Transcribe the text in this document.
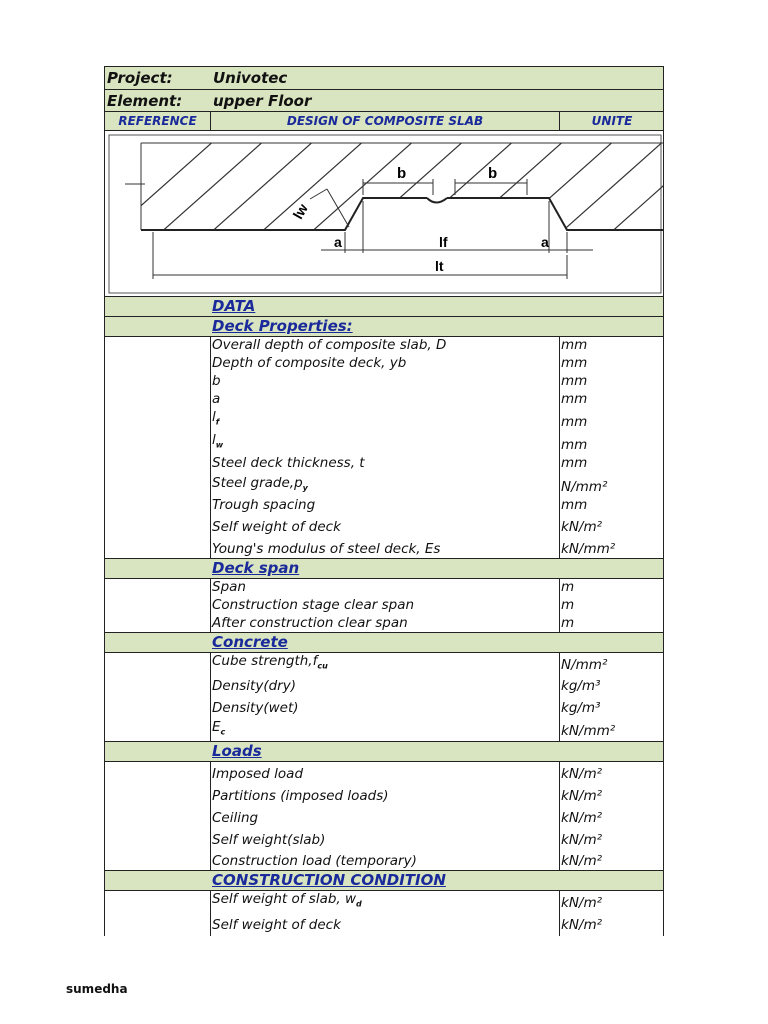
Project:	Univotec
Element: upper Floor
REFERENCE	DESIGN OF COMPOSITE SLAB	UNITE
b	b
lw
a	lf	a
lt
DATA
Deck Properties:
Overall depth of composite slab, D	mm
Depth of composite deck, yb	mm
b	mm
a	mm
$l_f$	mm
$l_w$	mm
Steel deck thickness, t	mm
Steel $grade,p_y$	N/mm²
Trough spacing	mm
Self weight of deck	kN/m²
Young's modulus of steel deck, Es	kN/mm²
Deck span
Span	m
Construction stage clear span	m
After construction clear span	m
Concrete
Cube $strength,f_{cu}$	N/mm²
Density(dry)	kg/m³
Density(wet)	kg/m³
$E_c$	kN/mm²
Loads
Imposed load	kN/m²
Partitions (imposed loads)	kN/m²
Ceiling	kN/m²
Self weight(slab)	kN/m²
Construction load (temporary)	kN/m²
CONSTRUCTION CONDITION
Self weight of slab, $w_d$	kN/m²
Self weight of deck	kN/m²
sumedha
